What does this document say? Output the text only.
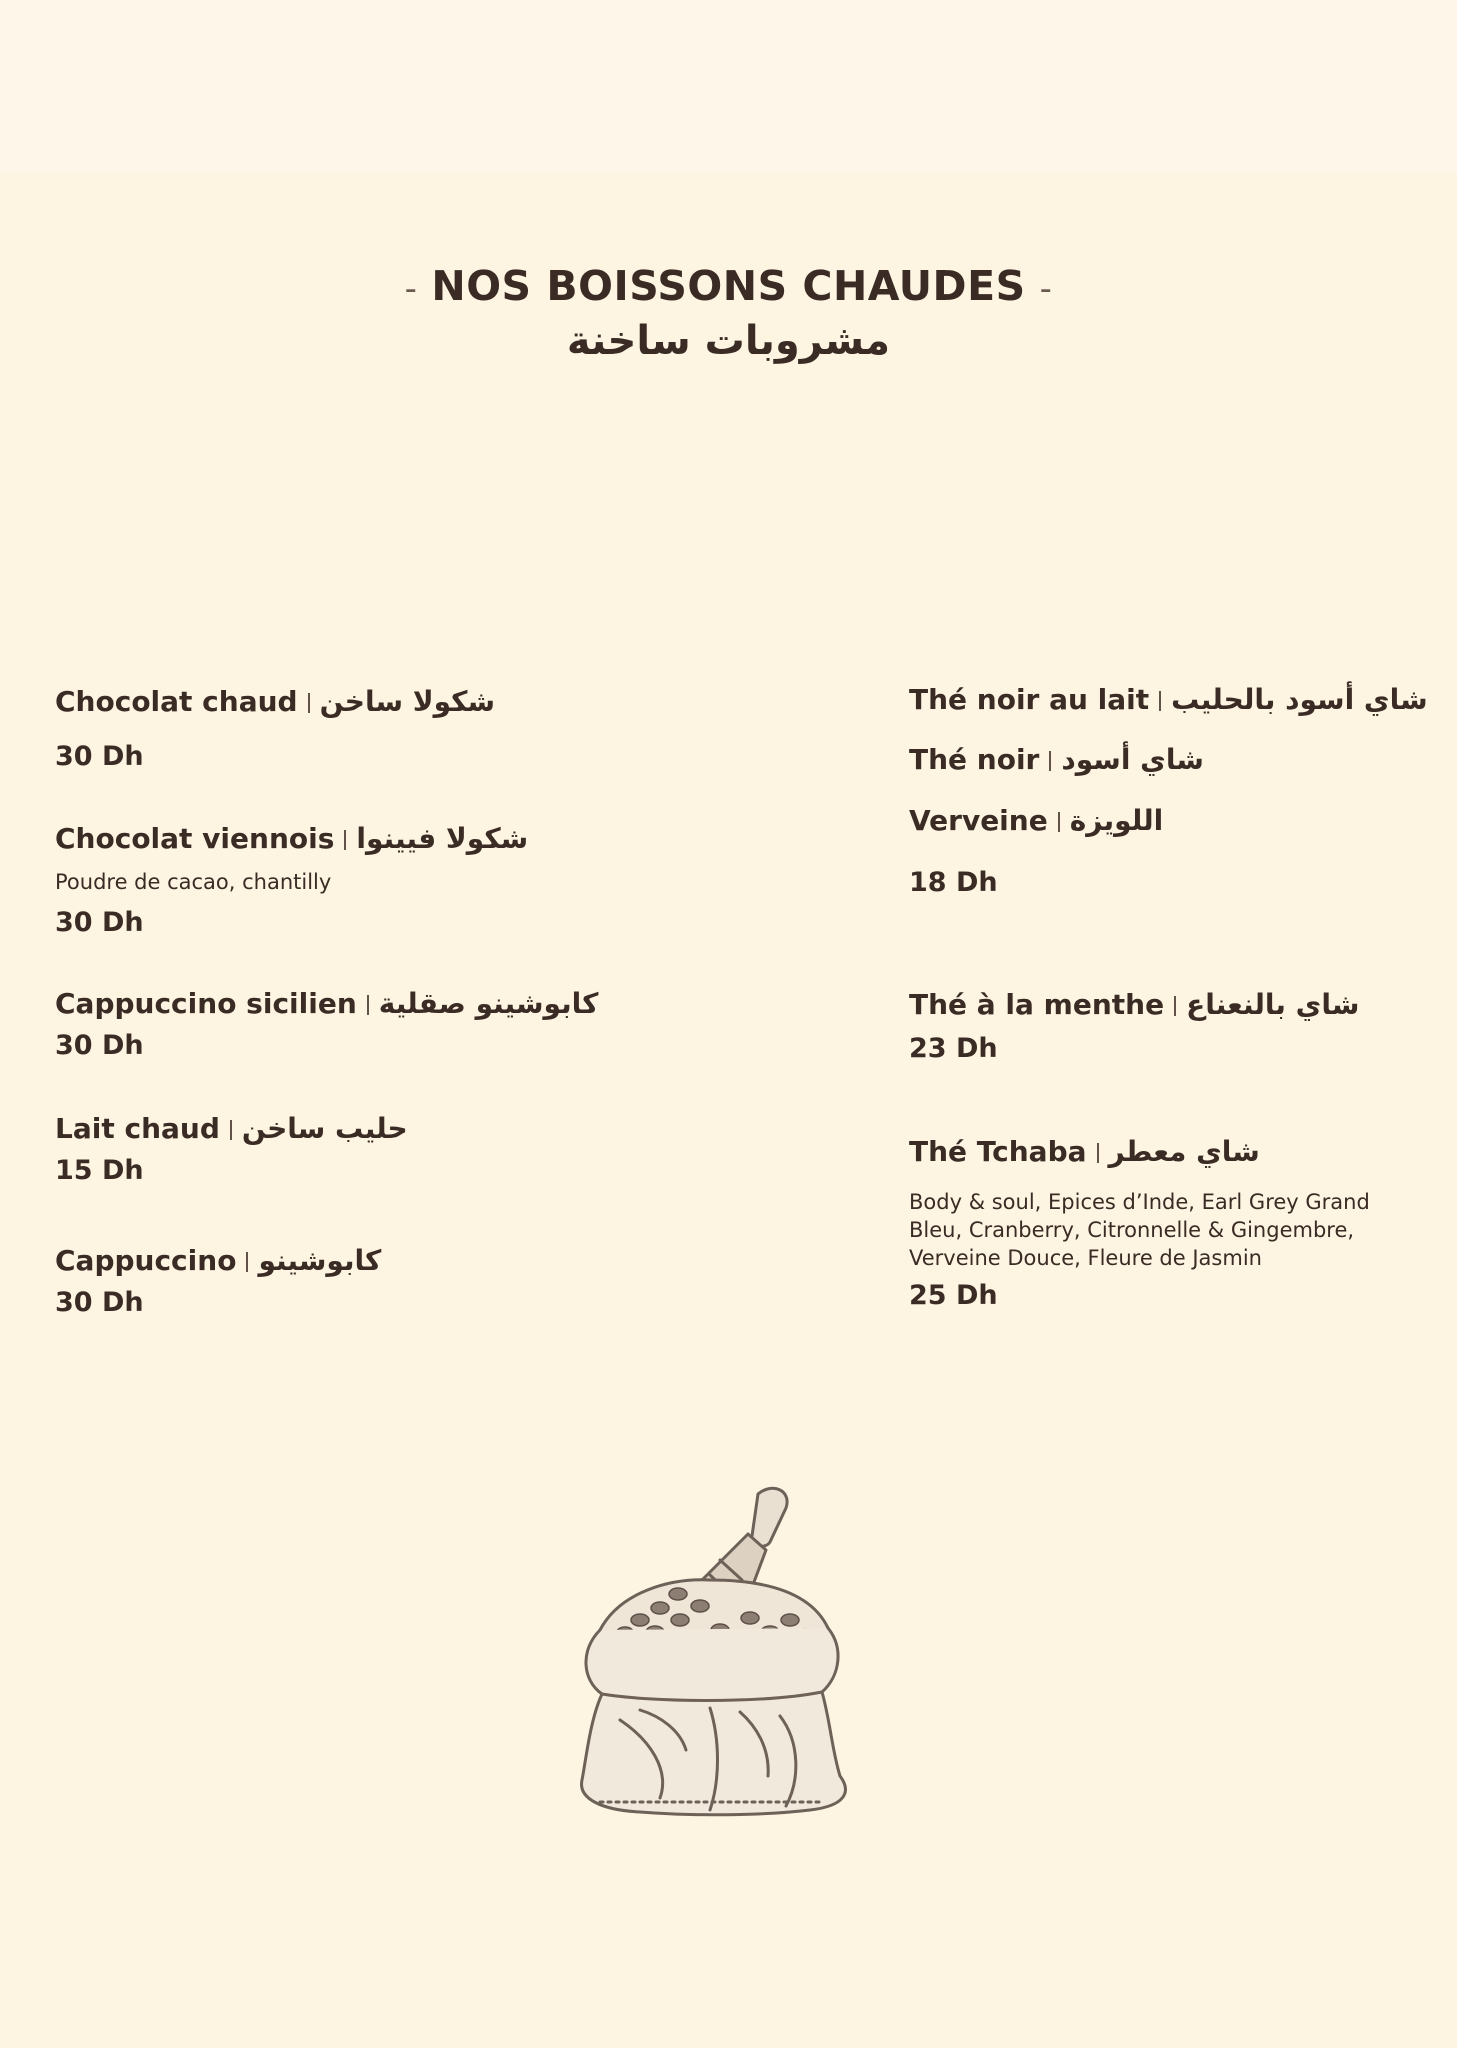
- NOS BOISSONS CHAUDES -
مشروبات ساخنة
Chocolat chaud شكولا ساخن
30 Dh
Chocolat viennois شكولا فيينوا
Poudre de cacao, chantilly
30 Dh
Cappuccino sicilien كابوشينو صقلية
30 Dh
Lait chaud حليب ساخن
15 Dh
Cappuccino كابوشينو
30 Dh
Thé noir au lait شاي أسود بالحليب
Thé noir شاي أسود
Verveine اللويزة
18 Dh
Thé à la menthe شاي بالنعناع
23 Dh
Thé Tchaba شاي معطر
Body & soul, Epices d’Inde, Earl Grey Grand
Bleu, Cranberry, Citronnelle & Gingembre,
Verveine Douce, Fleure de Jasmin
25 Dh
